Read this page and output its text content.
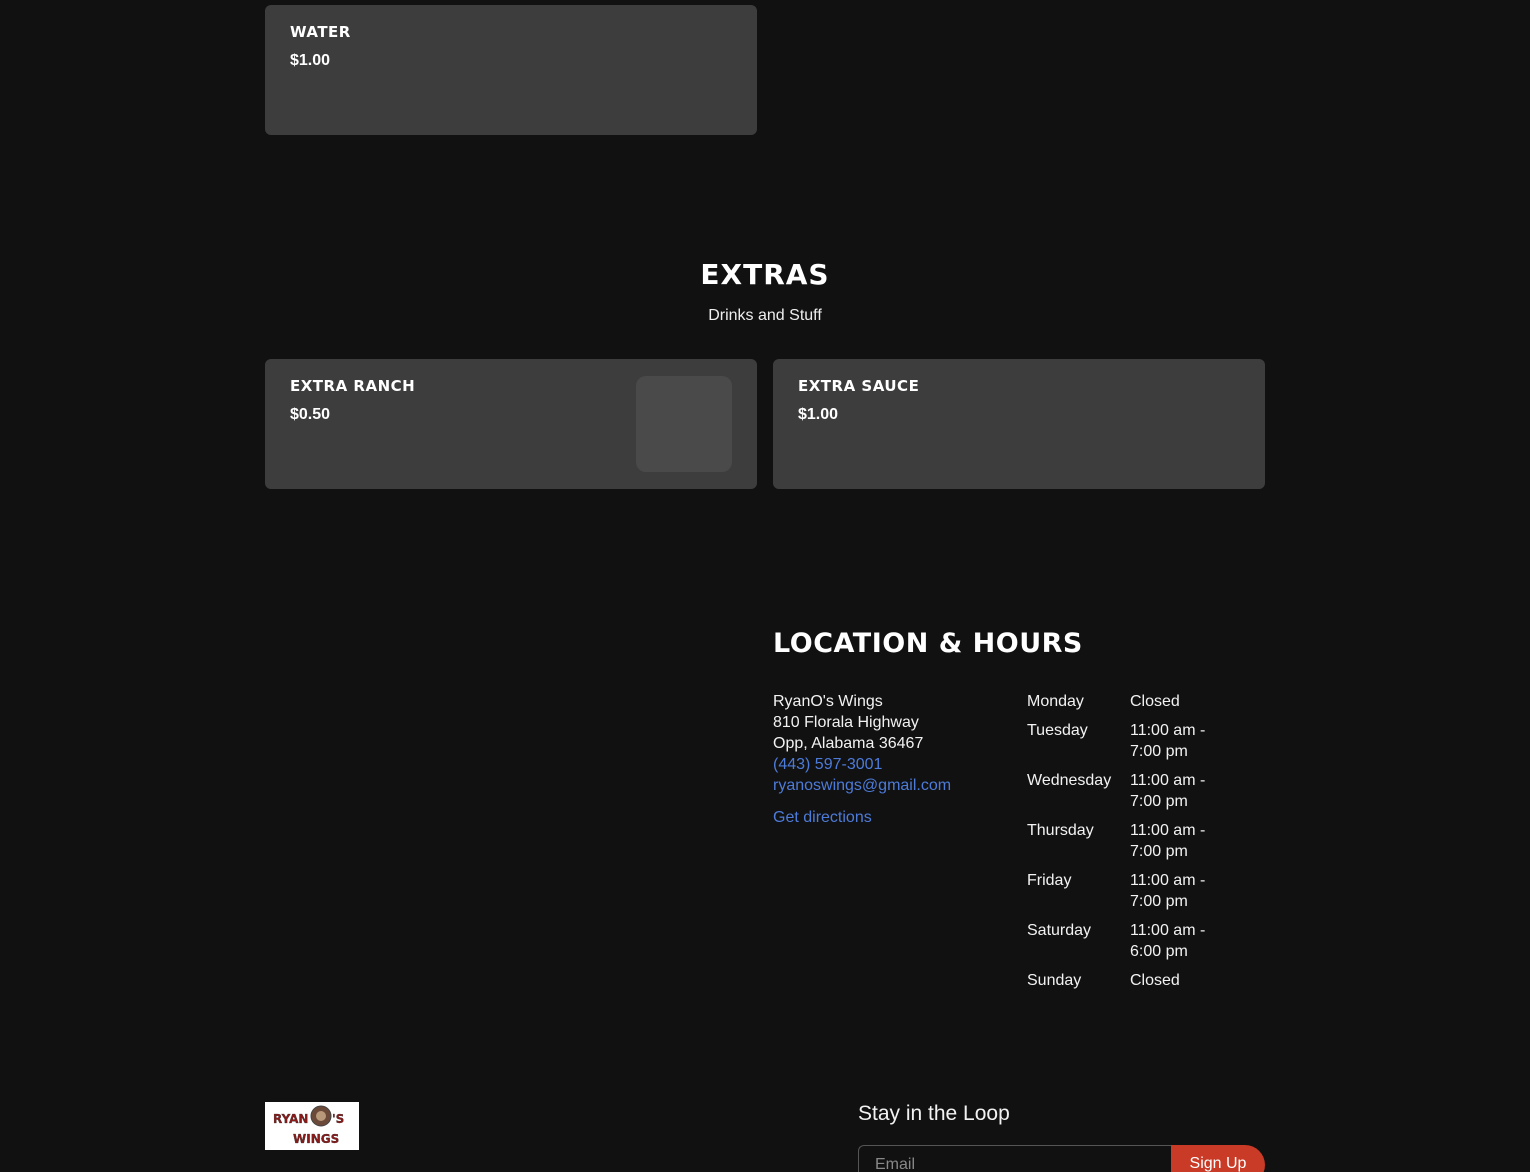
WATER
$1.00
EXTRAS
Drinks and Stuff
EXTRA RANCH
$0.50
EXTRA SAUCE
$1.00
LOCATION & HOURS
RyanO's Wings
810 Florala Highway
Opp, Alabama 36467
(443) 597-3001
ryanoswings@gmail.com
Get directions
Monday	Closed
Tuesday	11:00 am - 7:00 pm
Wednesday	11:00 am - 7:00 pm
Thursday	11:00 am - 7:00 pm
Friday	11:00 am - 7:00 pm
Saturday	11:00 am - 6:00 pm
Sunday	Closed
RYAN 'S
WINGS
Stay in the Loop
Email
Sign Up
